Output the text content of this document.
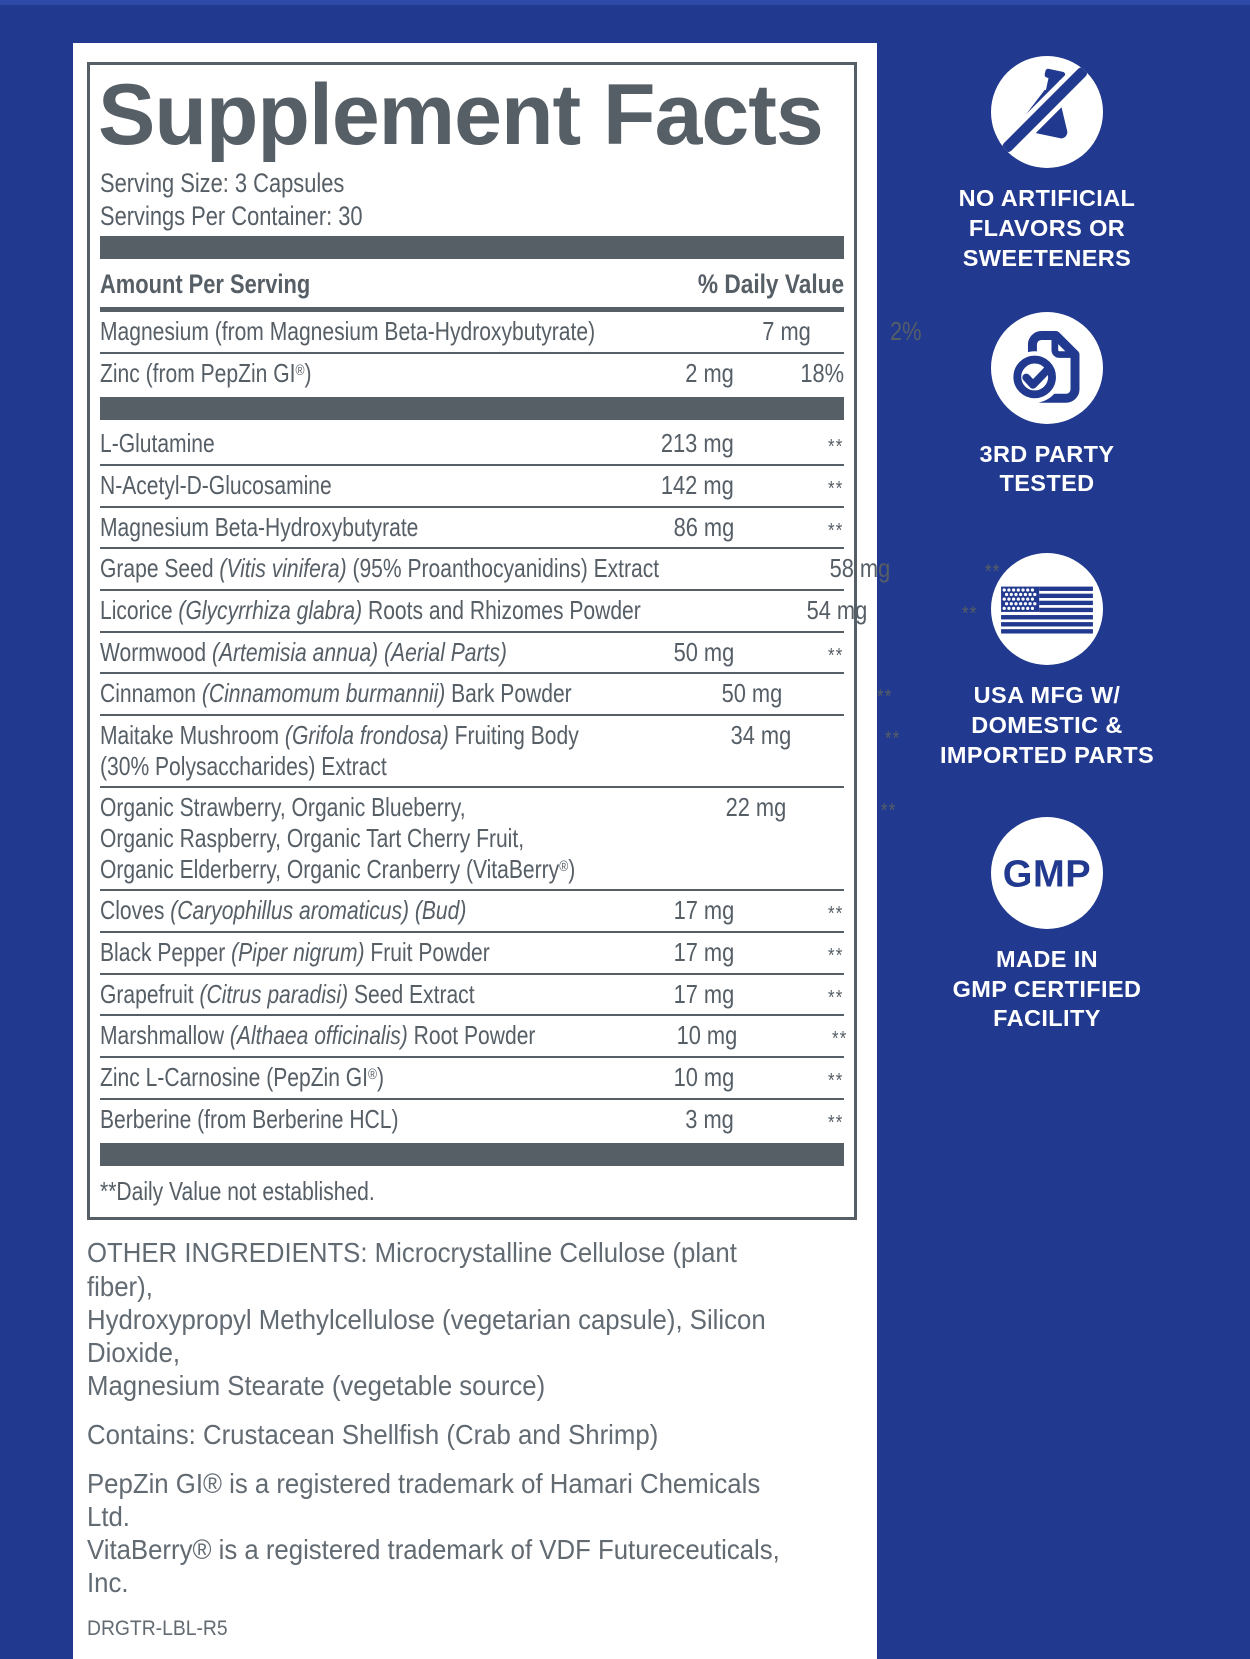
Supplement Facts
Serving Size: 3 Capsules
Servings Per Container: 30
Amount Per Serving	% Daily Value
Magnesium (from Magnesium Beta-Hydroxybutyrate)	7 mg	2%
Zinc (from PepZin GI®)	2 mg	18%
L-Glutamine	213 mg	**
N-Acetyl-D-Glucosamine	142 mg	**
Magnesium Beta-Hydroxybutyrate	86 mg	**
Grape Seed (Vitis vinifera) (95% Proanthocyanidins) Extract	58 mg	**
Licorice (Glycyrrhiza glabra) Roots and Rhizomes Powder	54 mg	**
Wormwood (Artemisia annua) (Aerial Parts)	50 mg	**
Cinnamon (Cinnamomum burmannii) Bark Powder	50 mg	**
Maitake Mushroom (Grifola frondosa) Fruiting Body
(30% Polysaccharides) Extract
34 mg	**
Organic Strawberry, Organic Blueberry,
Organic Raspberry, Organic Tart Cherry Fruit,
Organic Elderberry, Organic Cranberry (VitaBerry®)
22 mg	**
Cloves (Caryophillus aromaticus) (Bud)	17 mg	**
Black Pepper (Piper nigrum) Fruit Powder	17 mg	**
Grapefruit (Citrus paradisi) Seed Extract	17 mg	**
Marshmallow (Althaea officinalis) Root Powder	10 mg	**
Zinc L-Carnosine (PepZin GI®)	10 mg	**
Berberine (from Berberine HCL)	3 mg	**
**Daily Value not established.

OTHER INGREDIENTS: Microcrystalline Cellulose (plant fiber),
Hydroxypropyl Methylcellulose (vegetarian capsule), Silicon Dioxide,
Magnesium Stearate (vegetable source)

Contains: Crustacean Shellfish (Crab and Shrimp)

PepZin GI® is a registered trademark of Hamari Chemicals Ltd.
VitaBerry® is a registered trademark of VDF Futureceuticals, Inc.

DRGTR-LBL-R5
NO ARTIFICIAL
FLAVORS OR
SWEETENERS
3RD PARTY
TESTED
USA MFG W/
DOMESTIC &
IMPORTED PARTS
GMP
MADE IN
GMP CERTIFIED
FACILITY
